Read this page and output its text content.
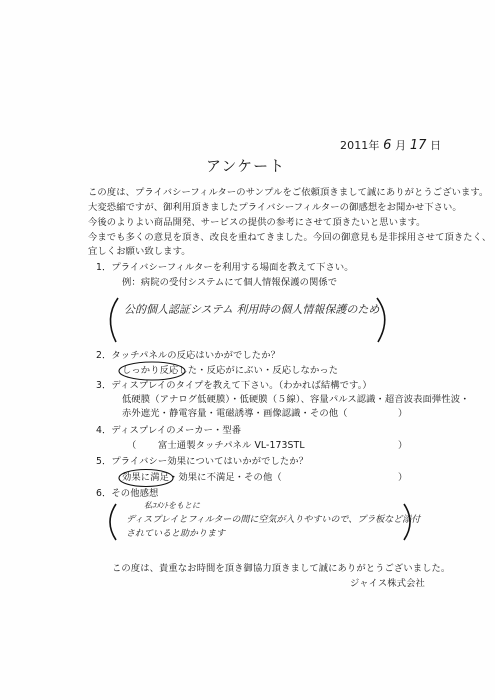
2011年 6 月 17 日
アンケート
この度は、プライバシーフィルターのサンプルをご依頼頂きまして誠にありがとうございます。
大変恐縮ですが、御利用頂きましたプライバシーフィルターの御感想をお聞かせ下さい。
今後のよりよい商品開発、サービスの提供の参考にさせて頂きたいと思います。
今までも多くの意見を頂き、改良を重ねてきました。今回の御意見も是非採用させて頂きたく、
宜しくお願い致します。
1．プライバシーフィルターを利用する場面を教えて下さい。
例：病院の受付システムにて個人情報保護の関係で
公的個人認証システム 利用時の個人情報保護のため
2．タッチパネルの反応はいかがでしたか？
しっかり反応した・反応がにぶい・反応しなかった
3．ディスプレイのタイプを教えて下さい。（わかれば結構です。）
低硬膜（アナログ低硬膜）・低硬膜（５線）、容量パルス認識・超音波表面弾性波・
赤外遮光・静電容量・電磁誘導・画像認識・その他（	）
4．ディスプレイのメーカー・型番
（ 富士通製タッチパネル VL-173STL	）
5．プライバシー効果についてはいかがでしたか？
効果に満足・効果に不満足・その他（	）
6．その他感想
私ｺﾒﾝﾄをもとに
ディスプレイとフィルターの間に空気が入りやすいので、プラ板など添付
されていると助かります
この度は、貴重なお時間を頂き御協力頂きまして誠にありがとうございました。
ジャイス株式会社
